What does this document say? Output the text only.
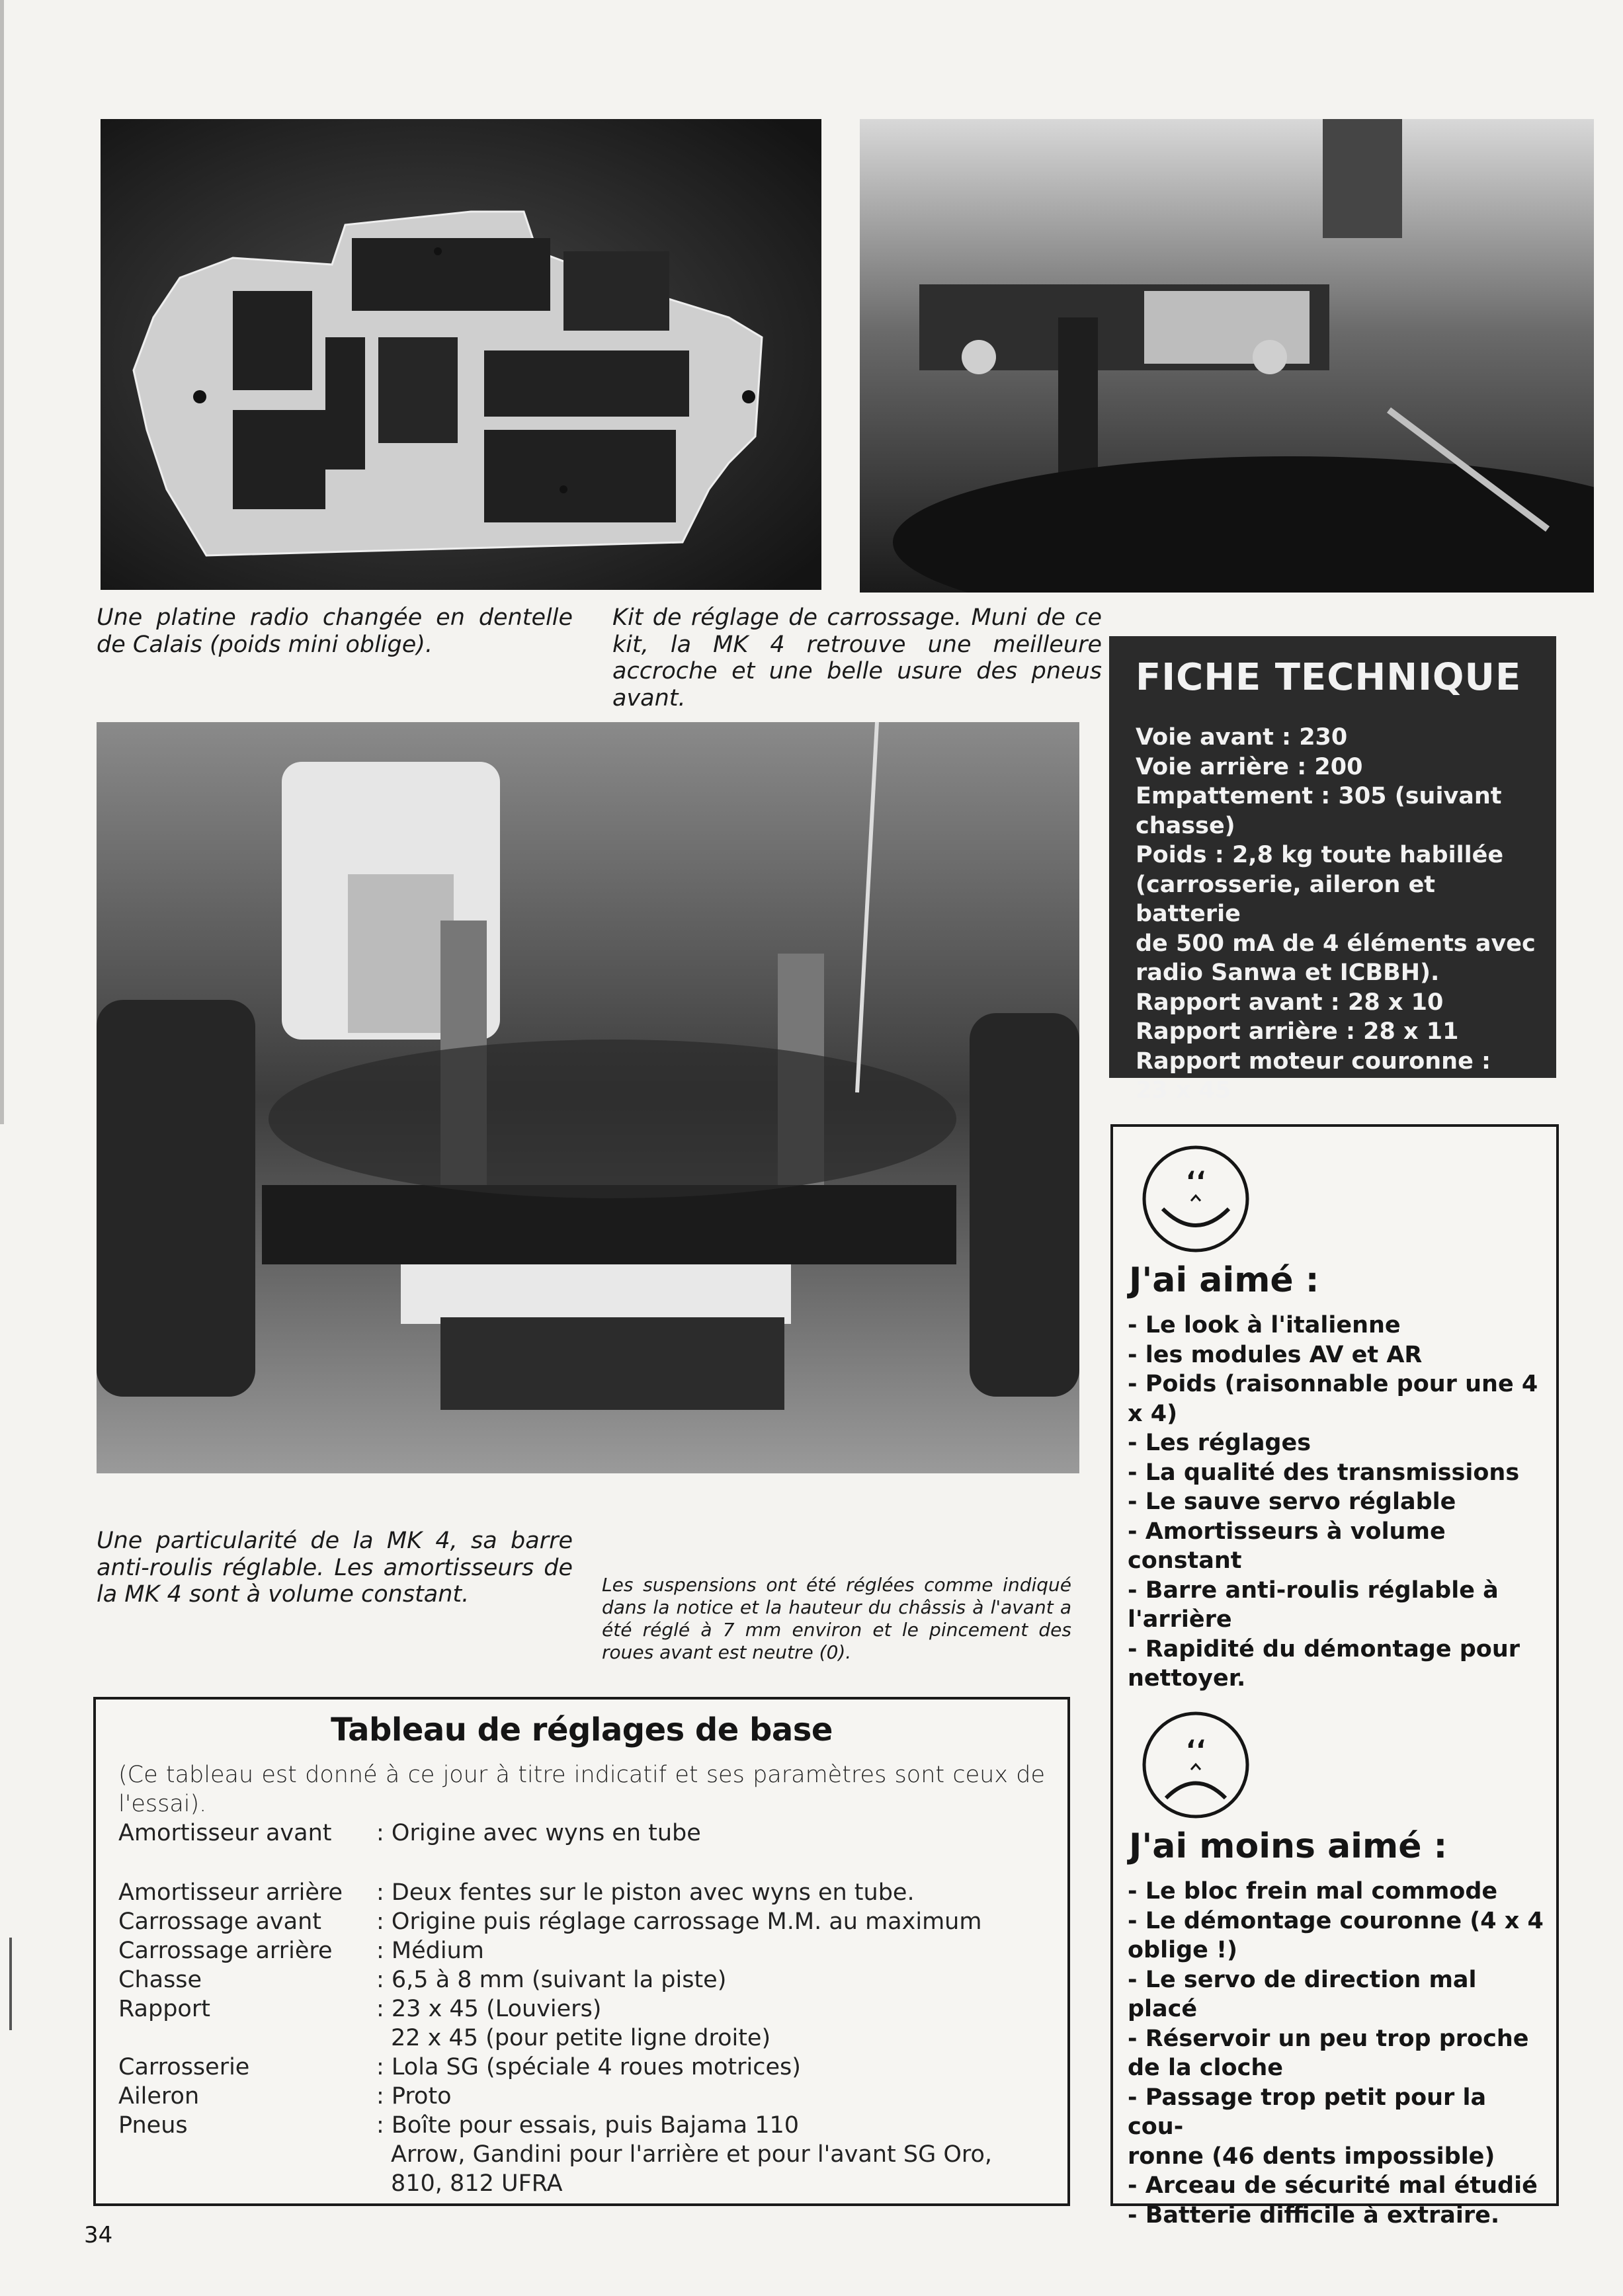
Une platine radio changée en dentelle de Calais (poids mini oblige).
Kit de réglage de carrossage. Muni de ce kit, la MK 4 retrouve une meilleure accroche et une belle usure des pneus avant.
Une particularité de la MK 4, sa barre anti-roulis réglable. Les amortisseurs de la MK 4 sont à volume constant.	Les suspensions ont été réglées comme indiqué dans la notice et la hauteur du châssis à l'avant a été réglé à 7 mm environ et le pincement des roues avant est neutre (0).
FICHE TECHNIQUE
Voie avant : 230
Voie arrière : 200
Empattement : 305 (suivant
chasse)
Poids : 2,8 kg toute habillée
(carrosserie, aileron et batterie
de 500 mA de 4 éléments avec
radio Sanwa et ICBBH).
Rapport avant : 28 x 10
Rapport arrière : 28 x 11
Rapport moteur couronne :
23 x 45
‘‘
J'ai aimé :
- Le look à l'italienne
- les modules AV et AR
- Poids (raisonnable pour une 4
x 4)
- Les réglages
- La qualité des transmissions
- Le sauve servo réglable
- Amortisseurs à volume
constant
- Barre anti-roulis réglable à
l'arrière
- Rapidité du démontage pour
nettoyer.
‘‘
J'ai moins aimé :
- Le bloc frein mal commode
- Le démontage couronne (4 x 4
oblige !)
- Le servo de direction mal
placé
- Réservoir un peu trop proche
de la cloche
- Passage trop petit pour la cou-
ronne (46 dents impossible)
- Arceau de sécurité mal étudié
- Batterie difficile à extraire.
Tableau de réglages de base
(Ce tableau est donné à ce jour à titre indicatif et ses paramètres sont ceux de l'essai).
Amortisseur avant	: Origine avec wyns en tube
Amortisseur arrière	: Deux fentes sur le piston avec wyns en tube.
Carrossage avant	: Origine puis réglage carrossage M.M. au maximum
Carrossage arrière	: Médium
Chasse	: 6,5 à 8 mm (suivant la piste)
Rapport	: 23 x 45 (Louviers)
22 x 45 (pour petite ligne droite)
Carrosserie	: Lola SG (spéciale 4 roues motrices)
Aileron	: Proto
Pneus	: Boîte pour essais, puis Bajama 110
Arrow, Gandini pour l'arrière et pour l'avant SG Oro,
810, 812 UFRA
34
